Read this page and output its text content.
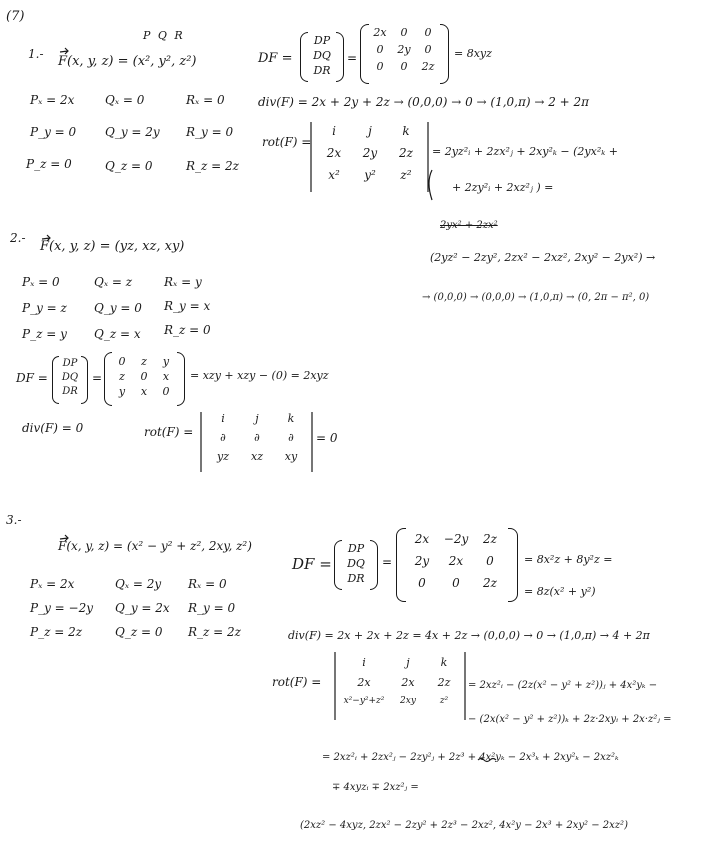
(7)
1.-
P Q R
F(x, y, z) = (x², y², z²)
Pₓ = 2x	Qₓ = 0	Rₓ = 0
P_y = 0 Q_y = 2y R_y = 0
P_z = 0	Q_z = 0	R_z = 2z
DF =
DP
DQ
DR
=
2x	0	0
0	2y	0
0	0	2z
= 8xyz
div(F) = 2x + 2y + 2z → (0,0,0) → 0 → (1,0,π) → 2 + 2π
rot(F) =
i	j	k
2x	2y	2z
x²	y²	z²
= 2yz²ᵢ + 2zx²ⱼ + 2xy²ₖ − (2yx²ₖ +
+ 2zy²ᵢ + 2xz²ⱼ ) =
2yx² + 2zx²
(2yz² − 2zy², 2zx² − 2xz², 2xy² − 2yx²) →
→ (0,0,0) → (0,0,0) → (1,0,π) → (0, 2π − π², 0)
2.-
F(x, y, z) = (yz, xz, xy)
Pₓ = 0	Qₓ = z	Rₓ = y
P_y = z Q_y = 0 R_y = x
P_z = y Q_z = x R_z = 0
DF =
DP
DQ
DR
=
0	z	y
z	0	x
y	x	0
= xzy + xzy − (0) = 2xyz
div(F) = 0	rot(F) =
i	j	k
∂	∂	∂
yz	xz	xy
= 0
3.-
F(x, y, z) = (x² − y² + z², 2xy, z²)
Pₓ = 2x	Qₓ = 2y Rₓ = 0
P_y = −2y Q_y = 2x R_y = 0
P_z = 2z	Q_z = 0 R_z = 2z
DF =
DP
DQ
DR
=
2x	−2y	2z
2y	2x	0
0	0	2z
= 8x²z + 8y²z =
= 8z(x² + y²)
div(F) = 2x + 2x + 2z = 4x + 2z → (0,0,0) → 0 → (1,0,π) → 4 + 2π
rot(F) =
i	j	k
2x	2x	2z
x²−y²+z²	2xy	z²
= 2xz²ᵢ − (2z(x² − y² + z²))ⱼ + 4x²yₖ −
− (2x(x² − y² + z²))ₖ + 2z·2xyᵢ + 2x·z²ⱼ =
= 2xz²ᵢ + 2zx²ⱼ − 2zy²ⱼ + 2z³ + 4x²yₖ − 2x³ₖ + 2xy²ₖ − 2xz²ₖ
∓ 4xyzᵢ ∓ 2xz²ⱼ =
(2xz² − 4xyz, 2zx² − 2zy² + 2z³ − 2xz², 4x²y − 2x³ + 2xy² − 2xz²)
